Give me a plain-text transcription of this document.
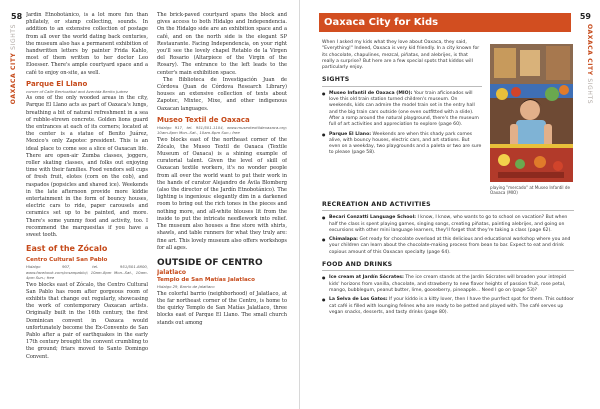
58
OAXACA CITY SIGHTS

Jardín Etnobotánico, is a lot more fun than philately, or stamp collecting, sounds. In addition to an extensive collection of postage from all over the world dating back centuries, the museum also has a permanent exhibition of handwritten letters by painter Frida Kahlo, most of them written to her doctor Leo Eloesser. There's ample courtyard space and a café to enjoy on-site, as well.

Parque El Llano
corner of Calle Berriozábal and Avenida Benito Juárez

As one of the only wooded areas in the city, Parque El Llano acts as part of Oaxaca's lungs, breathing a bit of natural refreshment in a sea of rubble-strewn concrete. Golden lions guard the entrances at each of its corners; located at the center is a statue of Benito Juárez, Mexico's only Zapotec president. This is an ideal place to come see a slice of Oaxacan life. There are open-air Zumba classes, joggers, roller skating classes, and folks out enjoying time with their families. Food vendors sell cups of fresh fruit, elotes (corn on the cob), and raspados (popsicles and shaved ice). Weekends in the late afternoon provide more kiddie entertainment in the form of bouncy houses, electric cars to ride, paper carousels and ceramics set up to be painted, and more. There's some yummy food and activity, too. I recommend the marquesitas if you have a sweet tooth.

East of the Zócalo
Centro Cultural San Pablo
Hidalgo 907, tel. 951/501-8800, www.facebook.com/ccsanpablo/; 10am-8pm Mon.-Sat., 10am-4pm Sun.; free

Two blocks east of Zócalo, the Centro Cultural San Pablo has room after gorgeous room of exhibits that change out regularly, showcasing the work of contemporary Oaxacan artists. Originally built in the 16th century, the first Dominican convent in Oaxaca would unfortunately become the Ex-Convento de San Pablo after a pair of earthquakes in the early 17th century brought the convent crumbling to the ground; friars moved to Santo Domingo Convent.

The brick-paved courtyard spans the block and gives access to both Hidalgo and Independencia. On the Hidalgo side are an exhibition space and a café, and on the north side is the elegant SP Restaurante. Facing Independencia, on your right you'll see the lovely chapel Retablo de la Virgen del Rosario (Altarpiece of the Virgin of the Rosary). The entrance to the left leads to the center's main exhibition space.

The Biblioteca de Investigación Juan de Córdova (Juan de Córdova Research Library) houses an extensive collection of texts about Zapotec, Mixtec, Mixe, and other indigenous Oaxacan languages.

Museo Textil de Oaxaca
Hidalgo 917, tel. 951/501-1104, www.museotextildeoaxaca.org; 10am-8pm Mon.-Sat., 10am-6pm Sun.; free

Two blocks east of the northeast corner of the Zócalo, the Museo Textil de Oaxaca (Textile Museum of Oaxaca) is a shining example of curatorial talent. Given the level of skill of Oaxacan textile workers, it's no wonder people from all over the world want to put their work in the hands of curator Alejandro de Ávila Blomberg (also the director of the Jardín Etnobotánico). The lighting is ingenious: elegantly dim in a darkened room to bring out the rich tones in the pieces and nothing more, and all-white blouses lit from the inside to put the intricate needlework into relief. The museum also houses a fine store with shirts, shawls, and table runners for what they truly are: fine art. This lovely museum also offers workshops for all ages.

OUTSIDE OF CENTRO
Jalatlaco
Templo de San Matías Jalatlaco
Hidalgo 29, Barrio de Jalatlaco

The colorful barrio (neighborhood) of Jalatlaco, at the far northeast corner of the Centro, is home to the quirky Templo de San Matías Jalatlaco, three blocks east of Parque El Llano. The small church stands out among

59
OAXACA CITY SIGHTS
Oaxaca City for Kids

When I asked my kids what they love about Oaxaca, they said, "Everything!" Indeed, Oaxaca is very kid friendly. In a city known for its chocolate, chapulines, mezcal, piñatas, and alebrijes, is that really a surprise? But here are a few special spots that kiddos will particularly enjoy.

SIGHTS
● Museo Infantil de Oaxaca (MIO): Your train aficionados will love this old train station turned children's museum. On weekends, kids can admire the model train set in the entry hall and the big train cars outside (one even outfitted with a slide). After a romp around the natural playground, there's the museum full of art activities and appreciation to explore (page 60).
● Parque El Llano: Weekends are when this shady park comes alive, with bouncy houses, electric cars, and art stations. But even on a weekday, two playgrounds and a paleta or two are sure to please (page 58).
playing "mercado" at Museo Infantil de Oaxaca (MIO)
RECREATION AND ACTIVITIES
● Becari Conzatti Language School: I know, I know, who wants to go to school on vacation? But when half the class is spent playing games, singing songs, creating piñatas, painting alebrijes, and going on excursions with other mini language learners, they'll forget that they're taking a class (page 62).
● Chimalapa: Get ready for chocolate overload at this delicious and educational workshop where you and your children can learn about the chocolate-making process from bean to bar. Expect to eat and drink copious amount of this Oaxacan specialty (page 64).
FOOD AND DRINKS
● Ice cream at Jardín Sócrates: The ice cream stands at the Jardín Sócrates will broaden your intrepid kids' horizons from vanilla, chocolate, and strawberry to new flavor heights of passion fruit, rose petal, mango, bubblegum, peanut butter, lime, gooseberry, pineapple... Need I go on (page 53)?
● La Selva de Los Gatos: If your kiddo is a kitty lover, then I have the purrfect spot for them. This outdoor cat café is filled with lounging felines who are ready to be petted and played with. The café serves up vegan snacks, desserts, and tasty drinks (page 80).
